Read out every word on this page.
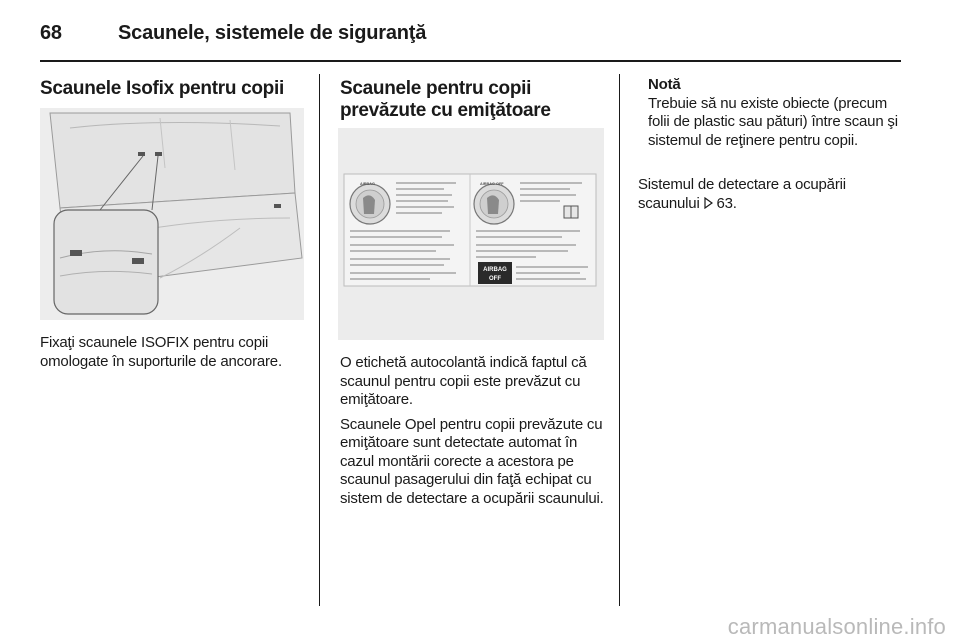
68	Scaunele, sistemele de siguranţă
Scaunele Isofix pentru copii

Fixaţi scaunele ISOFIX pentru copii omologate în suporturile de ancorare.

Scaunele pentru copii prevăzute cu emiţătoare
AIRBAG	AIRBAG OFF
AIRBAG
OFF

O etichetă autocolantă indică faptul că scaunul pentru copii este prevăzut cu emiţătoare.

Scaunele Opel pentru copii prevăzute cu emiţătoare sunt detectate automat în cazul montării corecte a acestora pe scaunul pasagerului din faţă echipat cu sistem de detectare a ocupării scaunului.

Notă
Trebuie să nu existe obiecte (precum folii de plastic sau pături) între scaun şi sistemul de reţinere pentru copii.
Sistemul de detectare a ocupării scaunului 63.
carmanualsonline.info
